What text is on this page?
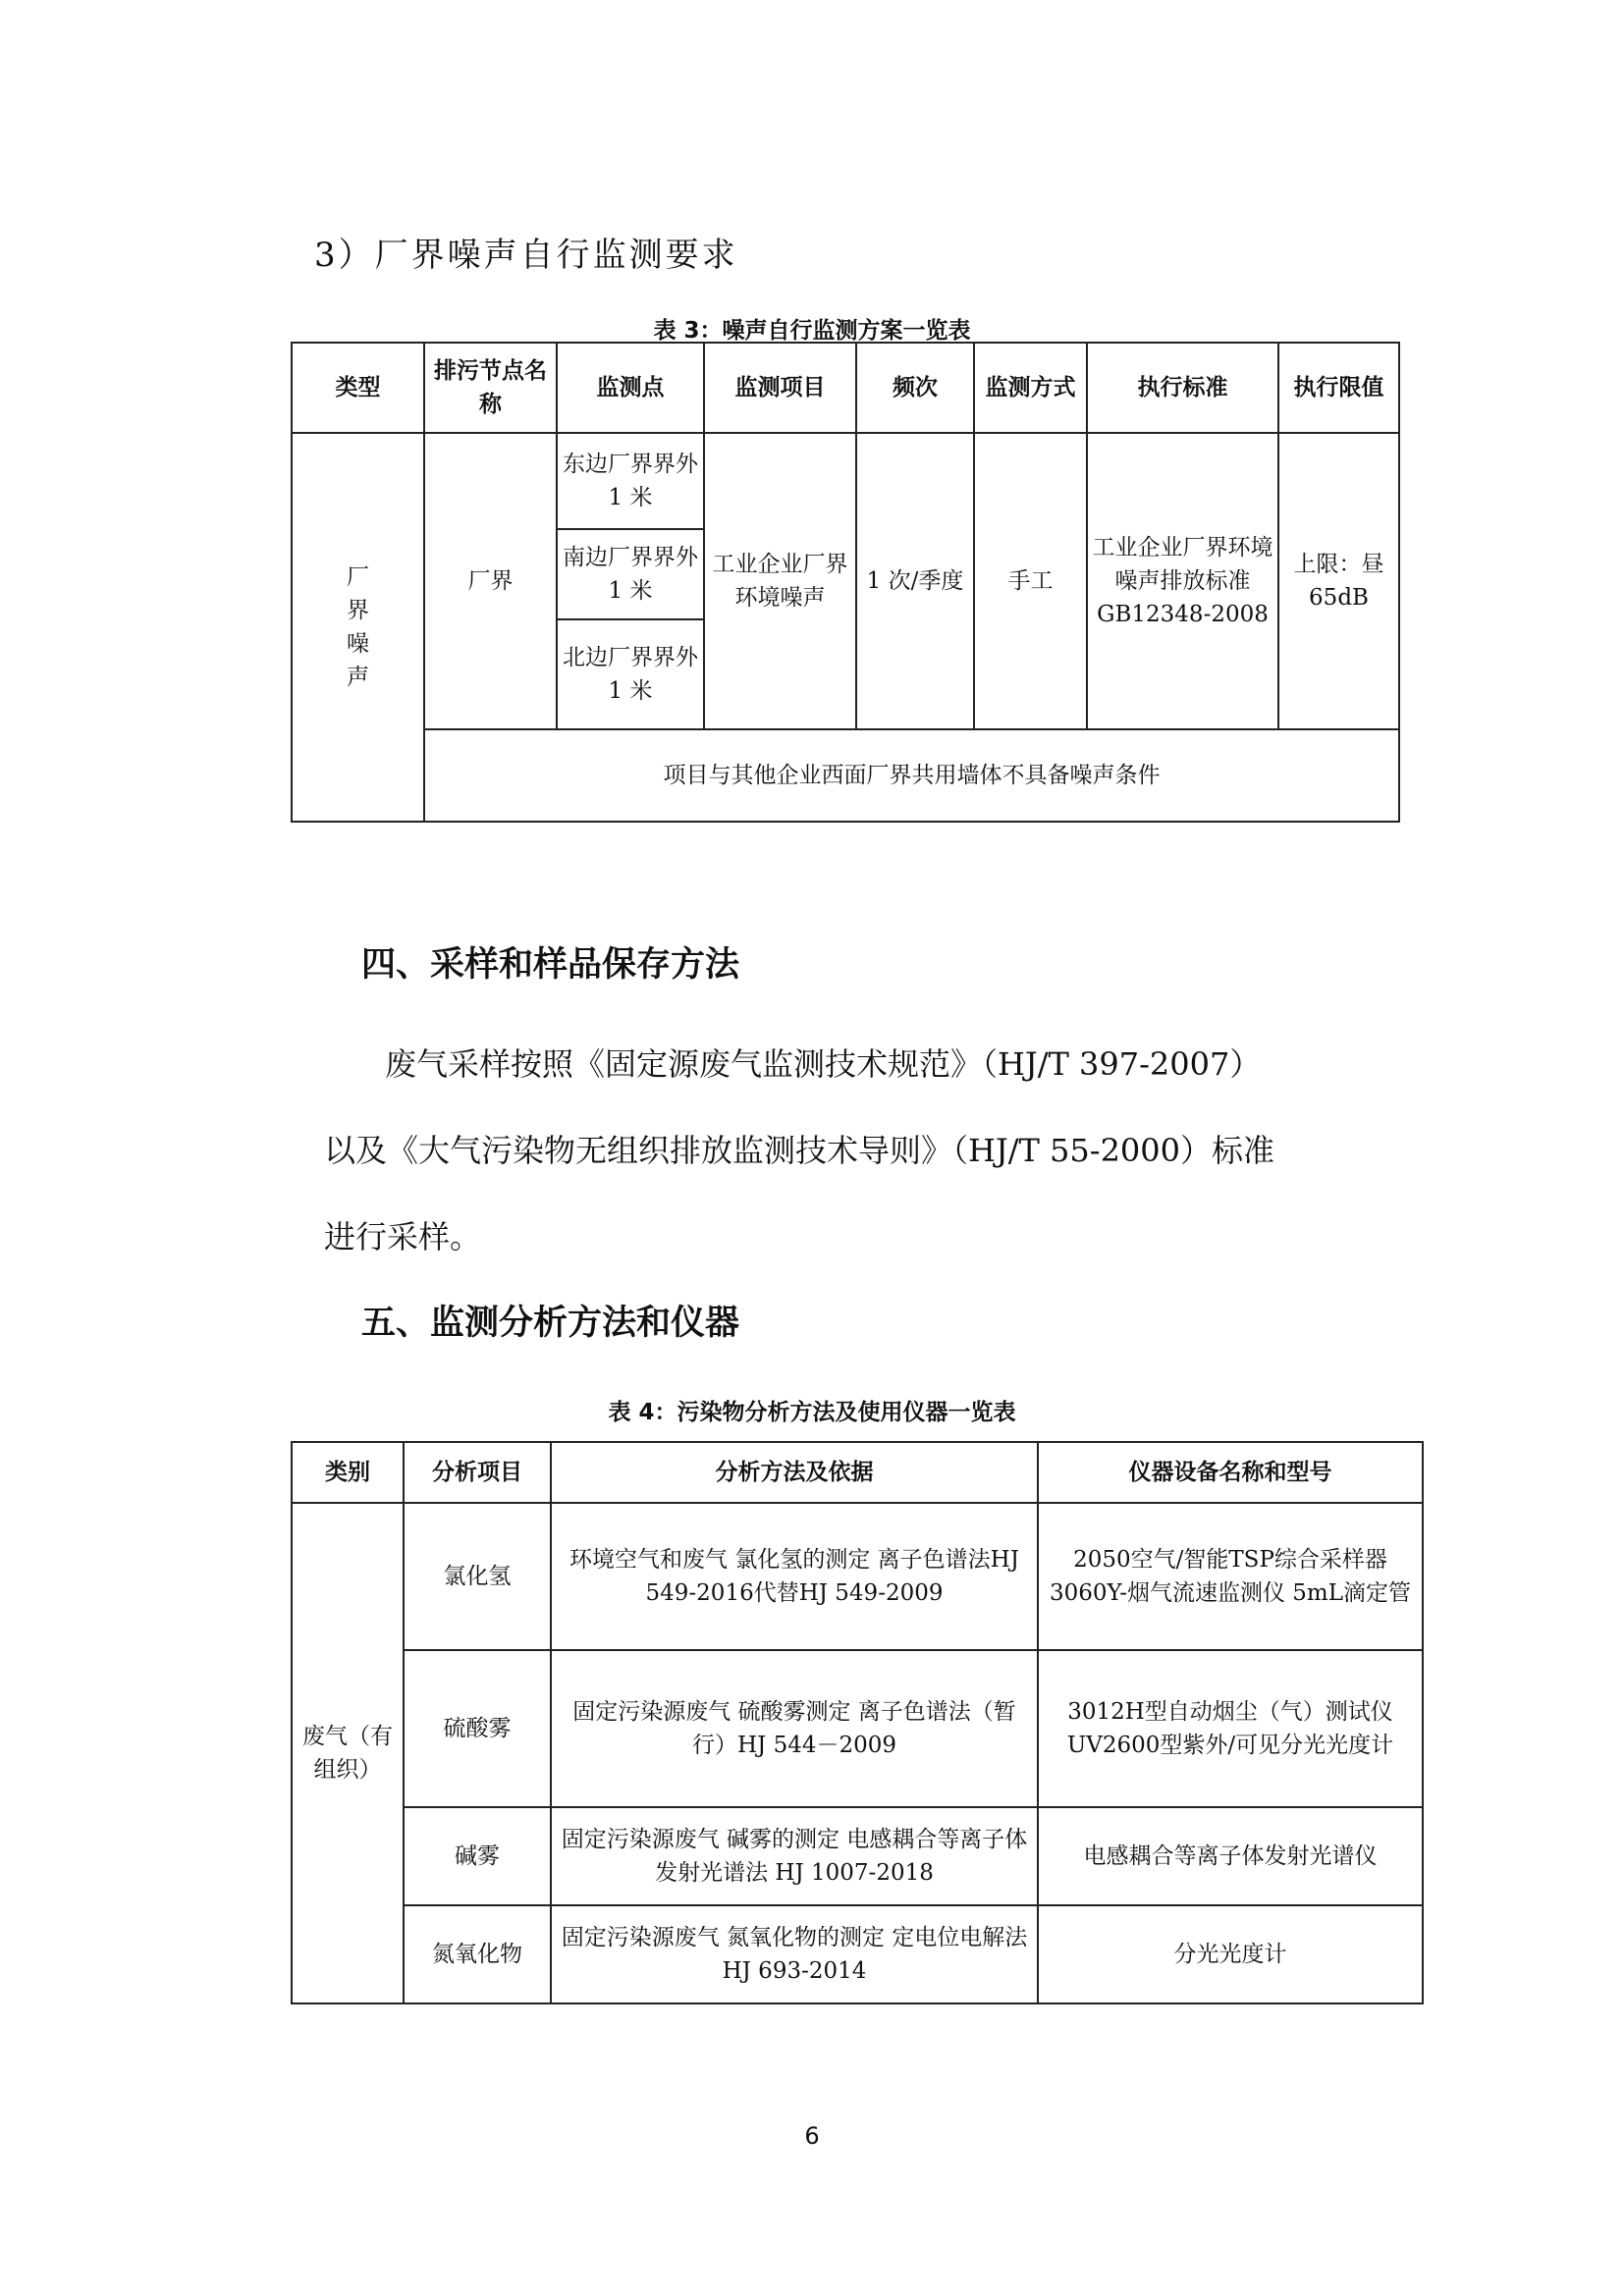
3）厂界噪声自行监测要求
表 3：噪声自行监测方案一览表
类型	排污节点名称	监测点	监测项目	频次	监测方式	执行标准	执行限值

厂界噪声	厂界	东边厂界界外 1 米	工业企业厂界环境噪声	1 次/季度	手工	工业企业厂界环境噪声排放标准 GB12348-2008	上限：昼 65dB
		南边厂界界外 1 米					
		北边厂界界外 1 米					
	项目与其他企业西面厂界共用墙体不具备噪声条件						
四、采样和样品保存方法
废气采样按照《固定源废气监测技术规范》（HJ/T 397-2007）
以及《大气污染物无组织排放监测技术导则》（HJ/T 55-2000）标准
进行采样。
五、监测分析方法和仪器
表 4：污染物分析方法及使用仪器一览表
类别	分析项目	分析方法及依据	仪器设备名称和型号
废气（有组织）	氯化氢	环境空气和废气 氯化氢的测定 离子色谱法HJ 549-2016代替HJ 549-2009	2050空气/智能TSP综合采样器 3060Y-烟气流速监测仪 5mL滴定管
	硫酸雾	固定污染源废气 硫酸雾测定 离子色谱法（暂行）HJ 544－2009	3012H型自动烟尘（气）测试仪 UV2600型紫外/可见分光光度计
	碱雾	固定污染源废气 碱雾的测定 电感耦合等离子体发射光谱法 HJ 1007-2018	电感耦合等离子体发射光谱仪
	氮氧化物	固定污染源废气 氮氧化物的测定 定电位电解法HJ 693-2014	分光光度计
6
